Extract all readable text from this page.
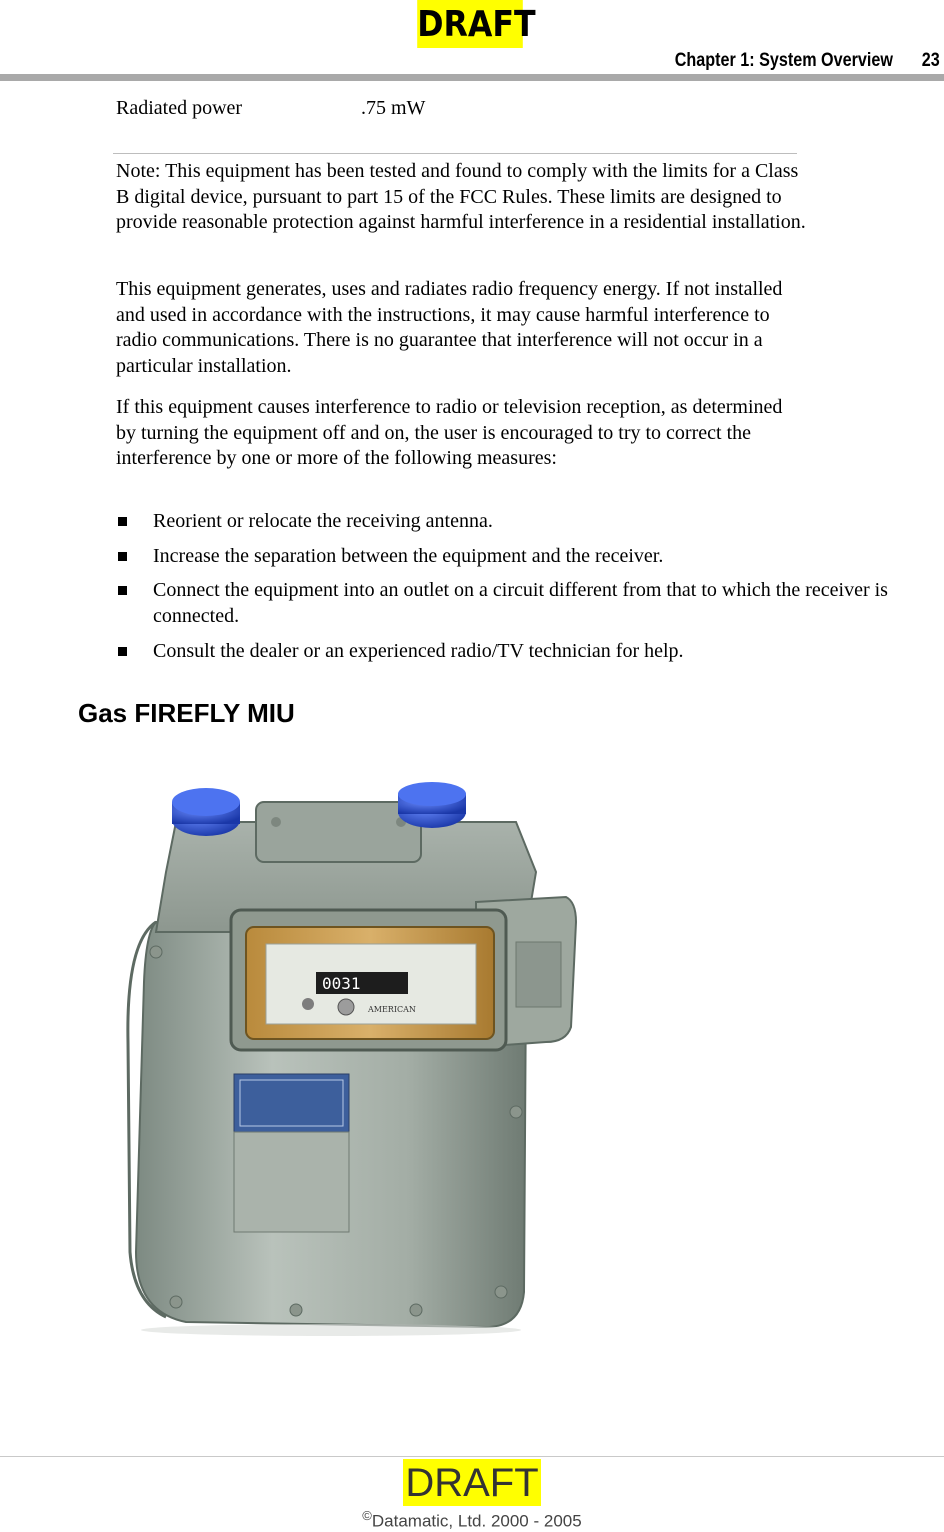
DRAFT
Chapter 1: System Overview 23
Radiated power	.75 mW
Note: This equipment has been tested and found to comply with the limits for a Class B digital device, pursuant to part 15 of the FCC Rules. These limits are designed to provide reasonable protection against harmful interference in a residential installation.
This equipment generates, uses and radiates radio frequency energy. If not installed and used in accordance with the instructions, it may cause harmful interference to radio communications. There is no guarantee that interference will not occur in a particular installation.
If this equipment causes interference to radio or television reception, as determined by turning the equipment off and on, the user is encouraged to try to correct the interference by one or more of the following measures:
Reorient or relocate the receiving antenna.
Increase the separation between the equipment and the receiver.
Connect the equipment into an outlet on a circuit different from that to which the receiver is connected.
Consult the dealer or an experienced radio/TV technician for help.
Gas FIREFLY MIU
0031
AMERICAN
DRAFT
©Datamatic, Ltd. 2000 - 2005
